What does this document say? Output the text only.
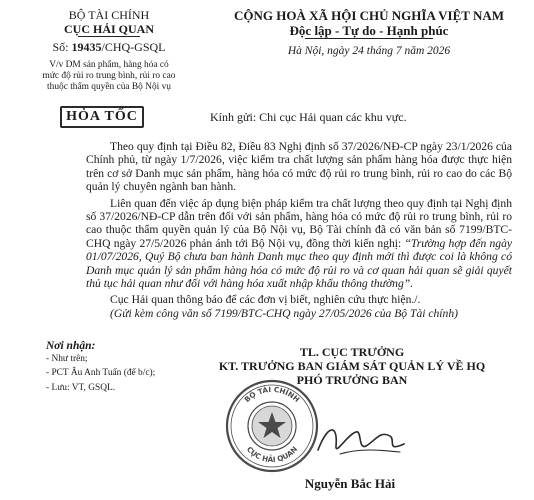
BỘ TÀI CHÍNH
CỤC HẢI QUAN
Số: 19435/CHQ-GSQL
V/v DM sản phẩm, hàng hóa có
mức độ rủi ro trung bình, rủi ro cao
thuộc thẩm quyền của Bộ Nội vụ
CỘNG HOÀ XÃ HỘI CHỦ NGHĨA VIỆT NAM
Độc lập - Tự do - Hạnh phúc
Hà Nội, ngày 24 tháng 7 năm 2026
HỎA TỐC	Kính gửi: Chi cục Hải quan các khu vực.

Theo quy định tại Điều 82, Điều 83 Nghị định số 37/2026/NĐ-CP ngày 23/1/2026 của Chính phủ, từ ngày 1/7/2026, việc kiểm tra chất lượng sản phẩm hàng hóa được thực hiện trên cơ sở Danh mục sản phẩm, hàng hóa có mức độ rủi ro trung bình, rủi ro cao do các Bộ quản lý chuyên ngành ban hành.

Liên quan đến việc áp dụng biện pháp kiểm tra chất lượng theo quy định tại Nghị định số 37/2026/NĐ-CP dẫn trên đối với sản phẩm, hàng hóa có mức độ rủi ro trung bình, rủi ro cao thuộc thẩm quyền quản lý của Bộ Nội vụ, Bộ Tài chính đã có văn bản số 7199/BTC-CHQ ngày 27/5/2026 phản ánh tới Bộ Nội vụ, đồng thời kiến nghị: “Trường hợp đến ngày 01/07/2026, Quý Bộ chưa ban hành Danh mục theo quy định mới thì được coi là không có Danh mục quản lý sản phẩm hàng hóa có mức độ rủi ro và cơ quan hải quan sẽ giải quyết thủ tục hải quan như đối với hàng hóa xuất nhập khẩu thông thường”.

Cục Hải quan thông báo để các đơn vị biết, nghiên cứu thực hiện./.

(Gửi kèm công văn số 7199/BTC-CHQ ngày 27/05/2026 của Bộ Tài chính)

Nơi nhận:
- Như trên;
- PCT Âu Anh Tuấn (để b/c);
- Lưu: VT, GSQL.
TL. CỤC TRƯỞNG
KT. TRƯỞNG BAN GIÁM SÁT QUẢN LÝ VỀ HQ
PHÓ TRƯỞNG BAN
BỘ TÀI CHÍNH
CỤC HẢI QUAN
Nguyễn Bắc Hải
